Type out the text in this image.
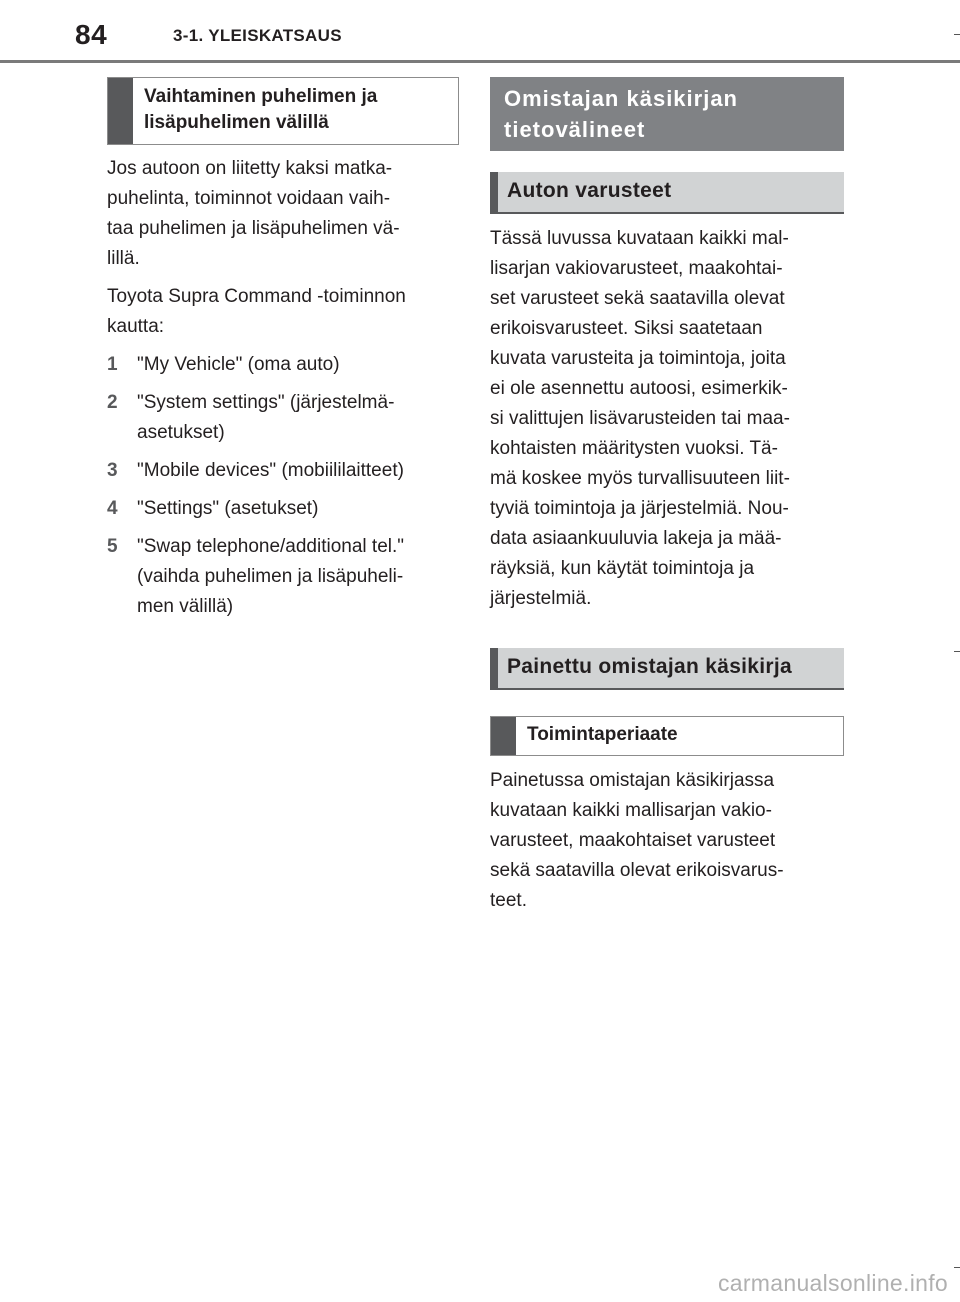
84	3-1. YLEISKATSAUS
Vaihtaminen puhelimen ja lisäpuhelimen välillä

Jos autoon on liitetty kaksi matka-

puhelinta, toiminnot voidaan vaih-

taa puhelimen ja lisäpuhelimen vä-

lillä.

Toyota Supra Command -toiminnon

kautta:

1 "My Vehicle" (oma auto)
2 "System settings" (järjestelmä-
asetukset)
3 "Mobile devices" (mobiililaitteet)
4 "Settings" (asetukset)
5 "Swap telephone/additional tel."
(vaihda puhelimen ja lisäpuheli-
men välillä)
Omistajan käsikirjan
tietovälineet
Auton varusteet

Tässä luvussa kuvataan kaikki mal-

lisarjan vakiovarusteet, maakohtai-

set varusteet sekä saatavilla olevat

erikoisvarusteet. Siksi saatetaan

kuvata varusteita ja toimintoja, joita

ei ole asennettu autoosi, esimerkik-

si valittujen lisävarusteiden tai maa-

kohtaisten määritysten vuoksi. Tä-

mä koskee myös turvallisuuteen liit-

tyviä toimintoja ja järjestelmiä. Nou-

data asiaankuuluvia lakeja ja mää-

räyksiä, kun käytät toimintoja ja

järjestelmiä.

Painettu omistajan käsikirja
Toimintaperiaate

Painetussa omistajan käsikirjassa

kuvataan kaikki mallisarjan vakio-

varusteet, maakohtaiset varusteet

sekä saatavilla olevat erikoisvarus-

teet.

carmanualsonline.info
